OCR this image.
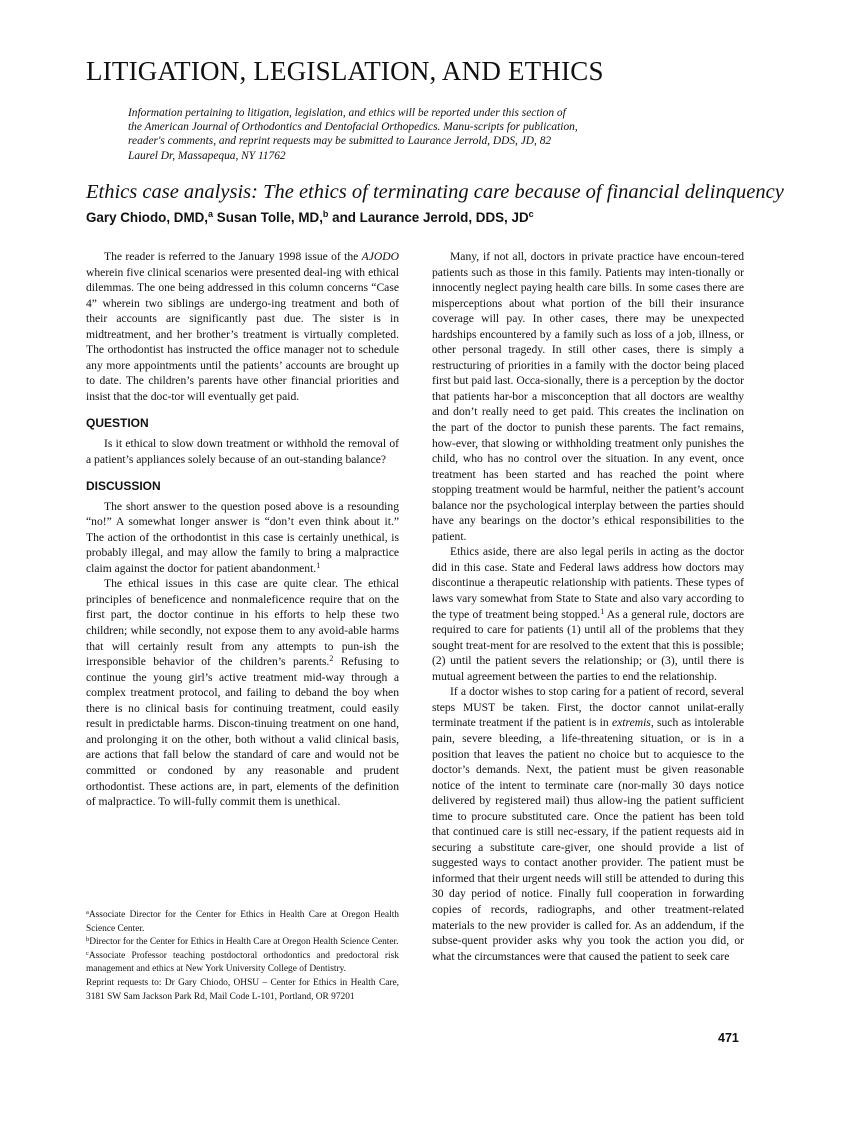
LITIGATION, LEGISLATION, AND ETHICS

Information pertaining to litigation, legislation, and ethics will be reported under this section of the American Journal of Orthodontics and Dentofacial Orthopedics. Manu-scripts for publication, reader's comments, and reprint requests may be submitted to Laurance Jerrold, DDS, JD, 82 Laurel Dr, Massapequa, NY 11762

Ethics case analysis: The ethics of terminating care because of financial delinquency

Gary Chiodo, DMD,$^a$ Susan Tolle, MD,$^b$ and Laurance Jerrold, DDS, $JD^c$

The reader is referred to the January 1998 issue of the AJODO wherein five clinical scenarios were presented deal-ing with ethical dilemmas. The one being addressed in this column concerns “Case 4” wherein two siblings are undergo-ing treatment and both of their accounts are significantly past due. The sister is in midtreatment, and her brother’s treatment is virtually completed. The orthodontist has instructed the office manager not to schedule any more appointments until the patients’ accounts are brought up to date. The children’s parents have other financial priorities and insist that the doc-tor will eventually get paid.

QUESTION

Is it ethical to slow down treatment or withhold the removal of a patient’s appliances solely because of an out-standing balance?

DISCUSSION

The short answer to the question posed above is a resounding “no!” A somewhat longer answer is “don’t even think about it.” The action of the orthodontist in this case is certainly unethical, is probably illegal, and may allow the family to bring a malpractice claim against the doctor for patient abandonment.$^1$

The ethical issues in this case are quite clear. The ethical principles of beneficence and nonmaleficence require that on the first part, the doctor continue in his efforts to help these two children; while secondly, not expose them to any avoid-able harms that will certainly result from any attempts to pun-ish the irresponsible behavior of the children’s parents.$^2$ Refusing to continue the young girl’s active treatment mid-way through a complex treatment protocol, and failing to deband the boy when there is no clinical basis for continuing treatment, could easily result in predictable harms. Discon-tinuing treatment on one hand, and prolonging it on the other, both without a valid clinical basis, are actions that fall below the standard of care and would not be committed or condoned by any reasonable and prudent orthodontist. These actions are, in part, elements of the definition of malpractice. To will-fully commit them is unethical.

$^a$Associate Director for the Center for Ethics in Health Care at Oregon Health Science Center.

$^b$Director for the Center for Ethics in Health Care at Oregon Health Science Center.

$^c$Associate Professor teaching postdoctoral orthodontics and predoctoral risk management and ethics at New York University College of Dentistry.

Reprint requests to: Dr Gary Chiodo, OHSU – Center for Ethics in Health Care, 3181 SW Sam Jackson Park Rd, Mail Code L-101, Portland, OR 97201

Many, if not all, doctors in private practice have encoun-tered patients such as those in this family. Patients may inten-tionally or innocently neglect paying health care bills. In some cases there are misperceptions about what portion of the bill their insurance coverage will pay. In other cases, there may be unexpected hardships encountered by a family such as loss of a job, illness, or other personal tragedy. In still other cases, there is simply a restructuring of priorities in a family with the doctor being placed first but paid last. Occa-sionally, there is a perception by the doctor that patients har-bor a misconception that all doctors are wealthy and don’t really need to get paid. This creates the inclination on the part of the doctor to punish these parents. The fact remains, how-ever, that slowing or withholding treatment only punishes the child, who has no control over the situation. In any event, once treatment has been started and has reached the point where stopping treatment would be harmful, neither the patient’s account balance nor the psychological interplay between the parties should have any bearings on the doctor’s ethical responsibilities to the patient.

Ethics aside, there are also legal perils in acting as the doctor did in this case. State and Federal laws address how doctors may discontinue a therapeutic relationship with patients. These types of laws vary somewhat from State to State and also vary according to the type of treatment being stopped.$^1$ As a general rule, doctors are required to care for patients (1) until all of the problems that they sought treat-ment for are resolved to the extent that this is possible; (2) until the patient severs the relationship; or (3), until there is mutual agreement between the parties to end the relationship.

If a doctor wishes to stop caring for a patient of record, several steps MUST be taken. First, the doctor cannot unilat-erally terminate treatment if the patient is in extremis, such as intolerable pain, severe bleeding, a life-threatening situation, or is in a position that leaves the patient no choice but to acquiesce to the doctor’s demands. Next, the patient must be given reasonable notice of the intent to terminate care (nor-mally 30 days notice delivered by registered mail) thus allow-ing the patient sufficient time to procure substituted care. Once the patient has been told that continued care is still nec-essary, if the patient requests aid in securing a substitute care-giver, one should provide a list of suggested ways to contact another provider. The patient must be informed that their urgent needs will still be attended to during this 30 day period of notice. Finally full cooperation in forwarding copies of records, radiographs, and other treatment-related materials to the new provider is called for. As an addendum, if the subse-quent provider asks why you took the action you did, or what the circumstances were that caused the patient to seek care

471
